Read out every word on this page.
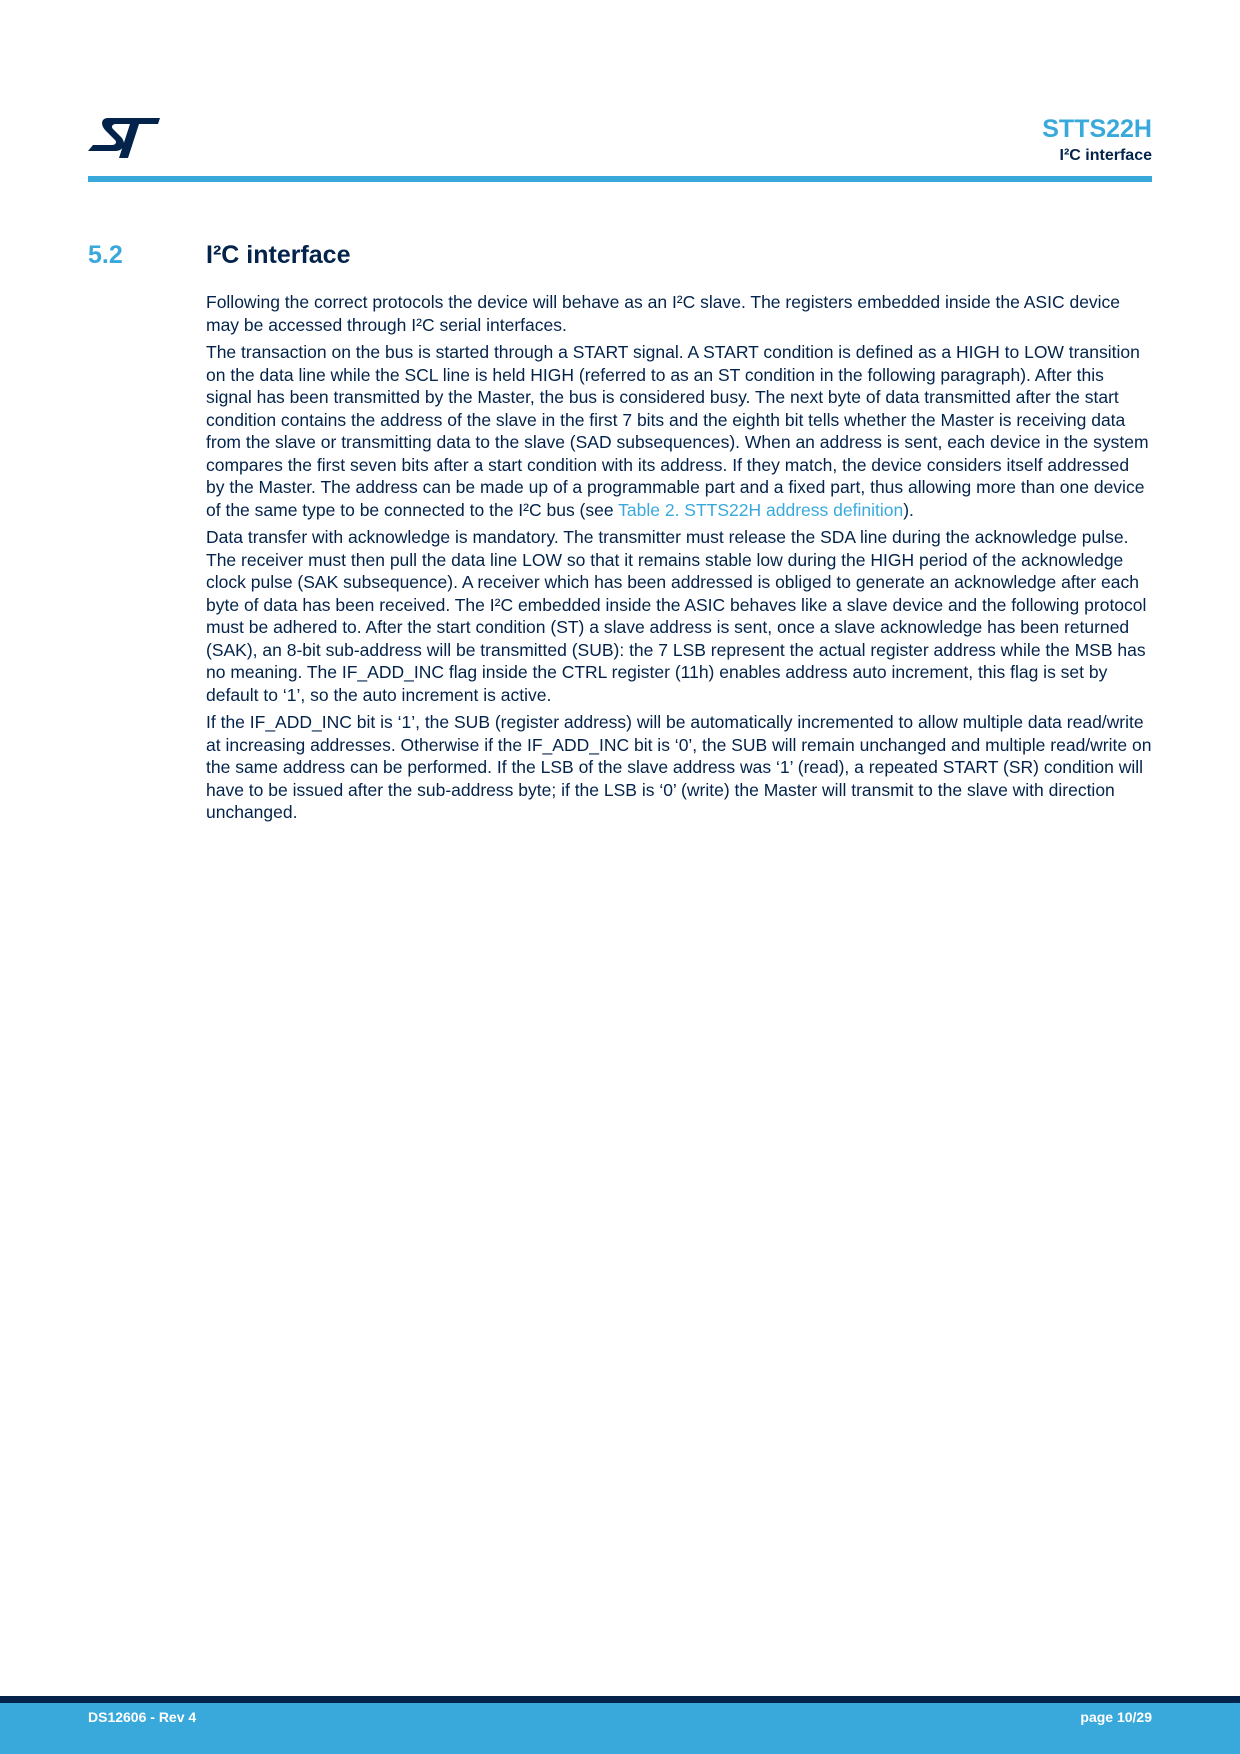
STTS22H
I²C interface
5.2	I²C interface

Following the correct protocols the device will behave as an I²C slave. The registers embedded inside the ASIC device may be accessed through I²C serial interfaces.

The transaction on the bus is started through a START signal. A START condition is defined as a HIGH to LOW transition on the data line while the SCL line is held HIGH (referred to as an ST condition in the following paragraph). After this signal has been transmitted by the Master, the bus is considered busy. The next byte of data transmitted after the start condition contains the address of the slave in the first 7 bits and the eighth bit tells whether the Master is receiving data from the slave or transmitting data to the slave (SAD subsequences). When an address is sent, each device in the system compares the first seven bits after a start condition with its address. If they match, the device considers itself addressed by the Master. The address can be made up of a programmable part and a fixed part, thus allowing more than one device of the same type to be connected to the I²C bus (see Table 2. STTS22H address definition).

Data transfer with acknowledge is mandatory. The transmitter must release the SDA line during the acknowledge pulse. The receiver must then pull the data line LOW so that it remains stable low during the HIGH period of the acknowledge clock pulse (SAK subsequence). A receiver which has been addressed is obliged to generate an acknowledge after each byte of data has been received. The I²C embedded inside the ASIC behaves like a slave device and the following protocol must be adhered to. After the start condition (ST) a slave address is sent, once a slave acknowledge has been returned (SAK), an 8-bit sub-address will be transmitted (SUB): the 7 LSB represent the actual register address while the MSB has no meaning. The IF_ADD_INC flag inside the CTRL register (11h) enables address auto increment, this flag is set by default to ‘1’, so the auto increment is active.

If the IF_ADD_INC bit is ‘1’, the SUB (register address) will be automatically incremented to allow multiple data read/write at increasing addresses. Otherwise if the IF_ADD_INC bit is ‘0’, the SUB will remain unchanged and multiple read/write on the same address can be performed. If the LSB of the slave address was ‘1’ (read), a repeated START (SR) condition will have to be issued after the sub-address byte; if the LSB is ‘0’ (write) the Master will transmit to the slave with direction unchanged.

DS12606 - Rev 4	page 10/29
